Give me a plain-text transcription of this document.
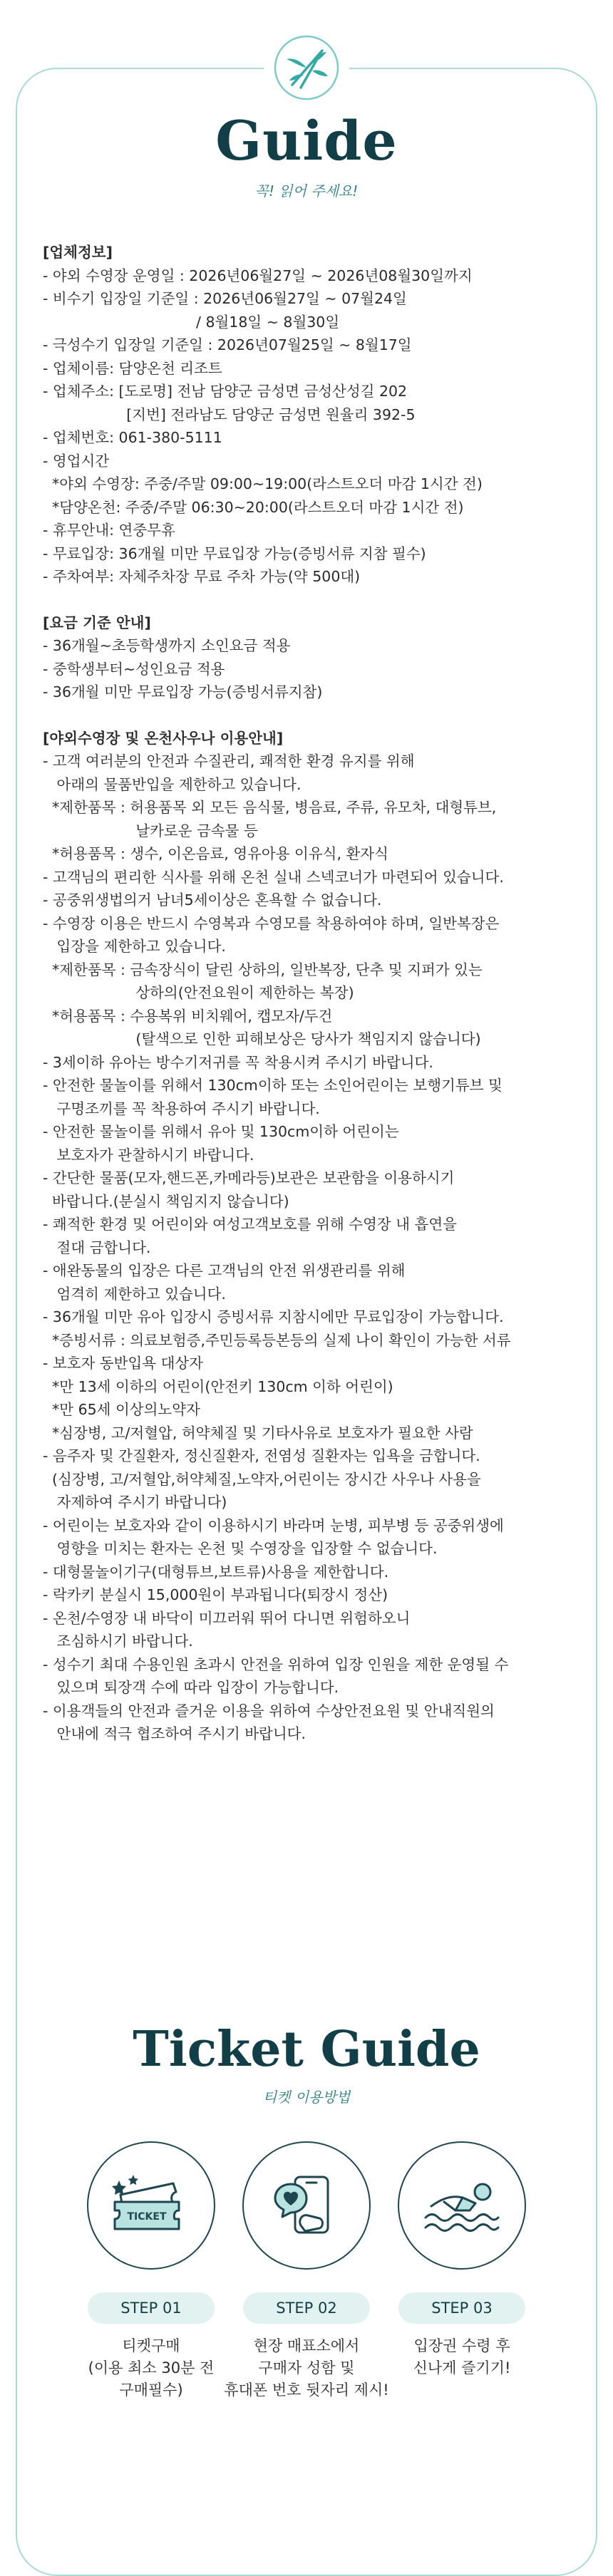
Guide

꼭! 읽어 주세요!

[업체정보]
- 야외 수영장 운영일 : 2026년06월27일 ~ 2026년08월30일까지
- 비수기 입장일 기준일 : 2026년06월27일 ~ 07월24일
/ 8월18일 ~ 8월30일
- 극성수기 입장일 기준일 : 2026년07월25일 ~ 8월17일
- 업체이름: 담양온천 리조트
- 업체주소: [도로명] 전남 담양군 금성면 금성산성길 202
[지번] 전라남도 담양군 금성면 원율리 392-5
- 업체번호: 061-380-5111
- 영업시간
*야외 수영장: 주중/주말 09:00~19:00(라스트오더 마감 1시간 전)
*담양온천: 주중/주말 06:30~20:00(라스트오더 마감 1시간 전)
- 휴무안내: 연중무휴
- 무료입장: 36개월 미만 무료입장 가능(증빙서류 지참 필수)
- 주차여부: 자체주차장 무료 주차 가능(약 500대)
[요금 기준 안내]
- 36개월~초등학생까지 소인요금 적용
- 중학생부터~성인요금 적용
- 36개월 미만 무료입장 가능(증빙서류지참)
[야외수영장 및 온천사우나 이용안내]
- 고객 여러분의 안전과 수질관리, 쾌적한 환경 유지를 위해
아래의 물품반입을 제한하고 있습니다.
*제한품목 : 허용품목 외 모든 음식물, 병음료, 주류, 유모차, 대형튜브,
날카로운 금속물 등
*허용품목 : 생수, 이온음료, 영유아용 이유식, 환자식
- 고객님의 편리한 식사를 위해 온천 실내 스넥코너가 마련되어 있습니다.
- 공중위생법의거 남녀5세이상은 혼욕할 수 없습니다.
- 수영장 이용은 반드시 수영복과 수영모를 착용하여야 하며, 일반복장은
입장을 제한하고 있습니다.
*제한품목 : 금속장식이 달린 상하의, 일반복장, 단추 및 지퍼가 있는
상하의(안전요원이 제한하는 복장)
*허용품목 : 수용복위 비치웨어, 캡모자/두건
(탈색으로 인한 피해보상은 당사가 책임지지 않습니다)
- 3세이하 유아는 방수기저귀를 꼭 착용시켜 주시기 바랍니다.
- 안전한 물놀이를 위해서 130cm이하 또는 소인어린이는 보행기튜브 및
구명조끼를 꼭 착용하여 주시기 바랍니다.
- 안전한 물놀이를 위해서 유아 및 130cm이하 어린이는
보호자가 관찰하시기 바랍니다.
- 간단한 물품(모자,핸드폰,카메라등)보관은 보관함을 이용하시기
바랍니다.(분실시 책임지지 않습니다)
- 쾌적한 환경 및 어린이와 여성고객보호를 위해 수영장 내 흡연을
절대 금합니다.
- 애완동물의 입장은 다른 고객님의 안전 위생관리를 위해
엄격히 제한하고 있습니다.
- 36개월 미만 유아 입장시 증빙서류 지참시에만 무료입장이 가능합니다.
*증빙서류 : 의료보험증,주민등록등본등의 실제 나이 확인이 가능한 서류
- 보호자 동반입욕 대상자
*만 13세 이하의 어린이(안전키 130cm 이하 어린이)
*만 65세 이상의노약자
*심장병, 고/저혈압, 허약체질 및 기타사유로 보호자가 필요한 사람
- 음주자 및 간질환자, 정신질환자, 전염성 질환자는 입욕을 금합니다.
(심장병, 고/저혈압,허약체질,노약자,어린이는 장시간 사우나 사용을
자제하여 주시기 바랍니다)
- 어린이는 보호자와 같이 이용하시기 바라며 눈병, 피부병 등 공중위생에
영향을 미치는 환자는 온천 및 수영장을 입장할 수 없습니다.
- 대형물놀이기구(대형튜브,보트류)사용을 제한합니다.
- 락카키 분실시 15,000원이 부과됩니다(퇴장시 정산)
- 온천/수영장 내 바닥이 미끄러워 뛰어 다니면 위험하오니
조심하시기 바랍니다.
- 성수기 최대 수용인원 초과시 안전을 위하여 입장 인원을 제한 운영될 수
있으며 퇴장객 수에 따라 입장이 가능합니다.
- 이용객들의 안전과 즐거운 이용을 위하여 수상안전요원 및 안내직원의
안내에 적극 협조하여 주시기 바랍니다.
Ticket Guide

티켓 이용방법

TICKET
STEP 01
티켓구매
(이용 최소 30분 전
구매필수)
STEP 02
현장 매표소에서
구매자 성함 및
휴대폰 번호 뒷자리 제시!
STEP 03
입장권 수령 후
신나게 즐기기!
